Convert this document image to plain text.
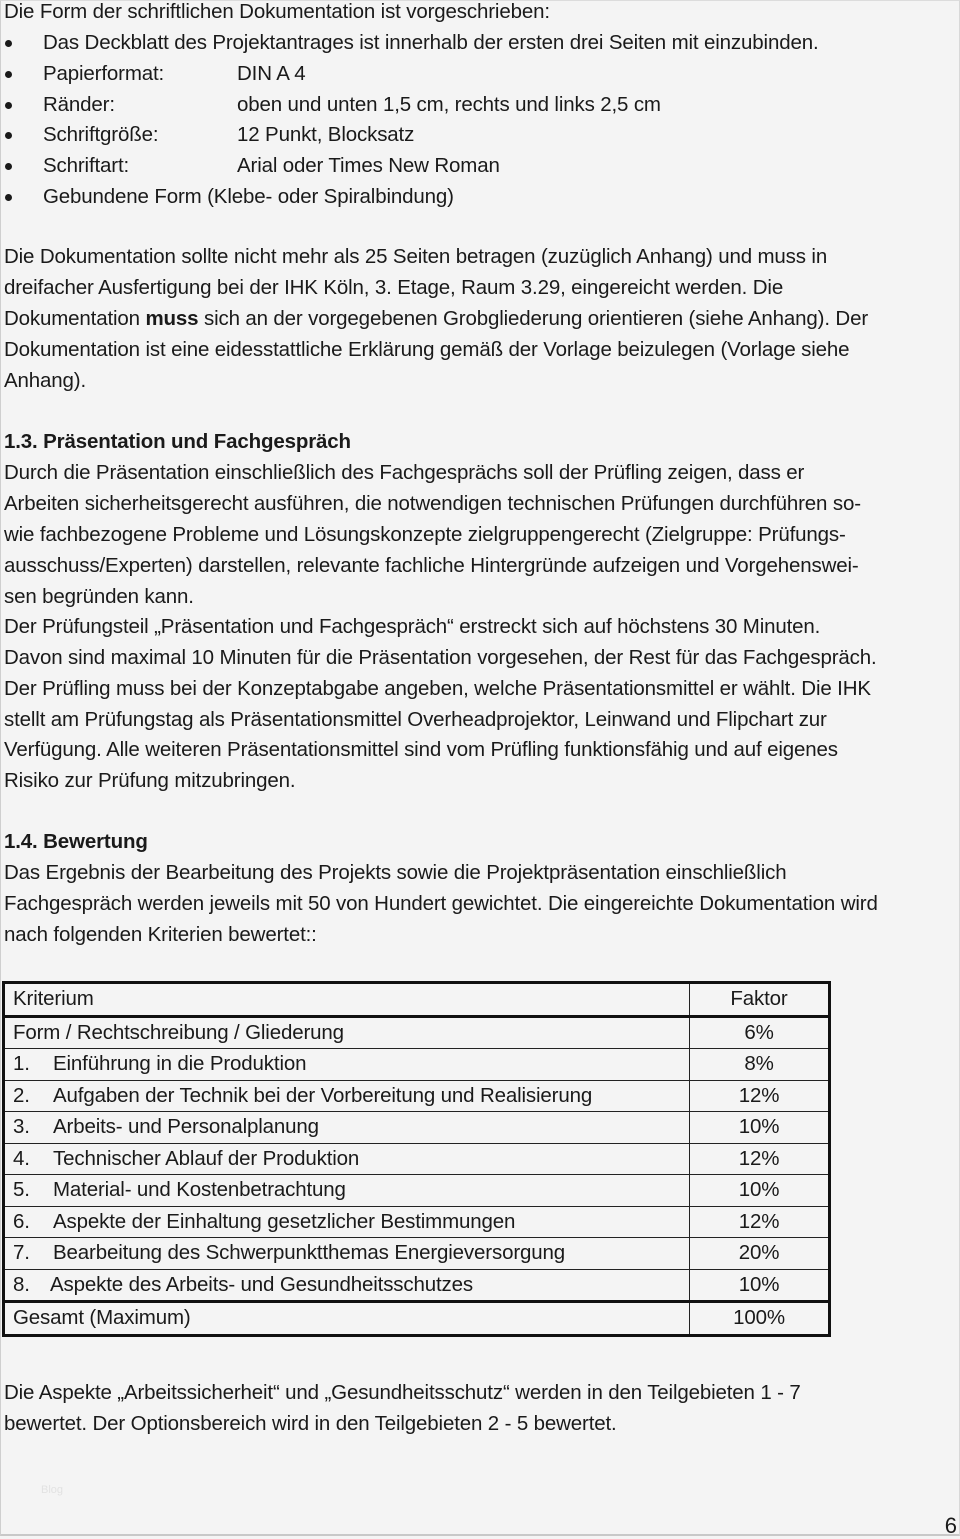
Die Form der schriftlichen Dokumentation ist vorgeschrieben:
Das Deckblatt des Projektantrages ist innerhalb der ersten drei Seiten mit einzubinden.
Papierformat:	DIN A 4
Ränder:	oben und unten 1,5 cm, rechts und links 2,5 cm
Schriftgröße:	12 Punkt, Blocksatz
Schriftart:	Arial oder Times New Roman
Gebundene Form (Klebe- oder Spiralbindung)
Die Dokumentation sollte nicht mehr als 25 Seiten betragen (zuzüglich Anhang) und muss in
dreifacher Ausfertigung bei der IHK Köln, 3. Etage, Raum 3.29, eingereicht werden. Die
Dokumentation muss sich an der vorgegebenen Grobgliederung orientieren (siehe Anhang). Der
Dokumentation ist eine eidesstattliche Erklärung gemäß der Vorlage beizulegen (Vorlage siehe
Anhang).
1.3. Präsentation und Fachgespräch
Durch die Präsentation einschließlich des Fachgesprächs soll der Prüfling zeigen, dass er
Arbeiten sicherheitsgerecht ausführen, die notwendigen technischen Prüfungen durchführen so-
wie fachbezogene Probleme und Lösungskonzepte zielgruppengerecht (Zielgruppe: Prüfungs-
ausschuss/Experten) darstellen, relevante fachliche Hintergründe aufzeigen und Vorgehenswei-
sen begründen kann.
Der Prüfungsteil „Präsentation und Fachgespräch“ erstreckt sich auf höchstens 30 Minuten.
Davon sind maximal 10 Minuten für die Präsentation vorgesehen, der Rest für das Fachgespräch.
Der Prüfling muss bei der Konzeptabgabe angeben, welche Präsentationsmittel er wählt. Die IHK
stellt am Prüfungstag als Präsentationsmittel Overheadprojektor, Leinwand und Flipchart zur
Verfügung. Alle weiteren Präsentationsmittel sind vom Prüfling funktionsfähig und auf eigenes
Risiko zur Prüfung mitzubringen.
1.4. Bewertung
Das Ergebnis der Bearbeitung des Projekts sowie die Projektpräsentation einschließlich
Fachgespräch werden jeweils mit 50 von Hundert gewichtet. Die eingereichte Dokumentation wird
nach folgenden Kriterien bewertet::
Kriterium	Faktor
Form / Rechtschreibung / Gliederung	6%
1. Einführung in die Produktion	8%
2. Aufgaben der Technik bei der Vorbereitung und Realisierung	12%
3. Arbeits- und Personalplanung	10%
4. Technischer Ablauf der Produktion	12%
5. Material- und Kostenbetrachtung	10%
6. Aspekte der Einhaltung gesetzlicher Bestimmungen	12%
7. Bearbeitung des Schwerpunktthemas Energieversorgung	20%
8. Aspekte des Arbeits- und Gesundheitsschutzes	10%
Gesamt (Maximum)	100%
Die Aspekte „Arbeitssicherheit“ und „Gesundheitsschutz“ werden in den Teilgebieten 1 - 7
bewertet. Der Optionsbereich wird in den Teilgebieten 2 - 5 bewertet.
Blog
6
